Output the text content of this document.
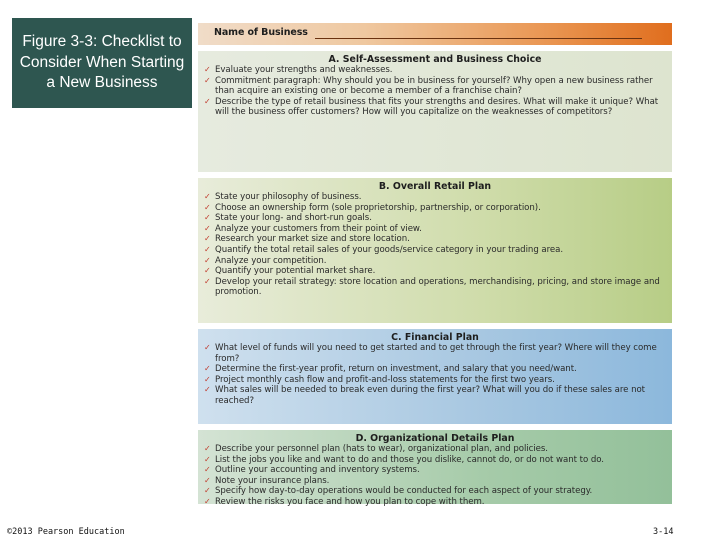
Figure 3-3: Checklist to Consider When Starting a New Business
Name of Business
A. Self-Assessment and Business Choice
✓ Evaluate your strengths and weaknesses.
✓ Commitment paragraph: Why should you be in business for yourself? Why open a new business rather than acquire an existing one or become a member of a franchise chain?
✓ Describe the type of retail business that fits your strengths and desires. What will make it unique? What will the business offer customers? How will you capitalize on the weaknesses of competitors?
B. Overall Retail Plan
✓ State your philosophy of business.
✓ Choose an ownership form (sole proprietorship, partnership, or corporation).
✓ State your long- and short-run goals.
✓ Analyze your customers from their point of view.
✓ Research your market size and store location.
✓ Quantify the total retail sales of your goods/service category in your trading area.
✓ Analyze your competition.
✓ Quantify your potential market share.
✓ Develop your retail strategy: store location and operations, merchandising, pricing, and store image and promotion.
C. Financial Plan
✓ What level of funds will you need to get started and to get through the first year? Where will they come from?
✓ Determine the first-year profit, return on investment, and salary that you need/want.
✓ Project monthly cash flow and profit-and-loss statements for the first two years.
✓ What sales will be needed to break even during the first year? What will you do if these sales are not reached?
D. Organizational Details Plan
✓ Describe your personnel plan (hats to wear), organizational plan, and policies.
✓ List the jobs you like and want to do and those you dislike, cannot do, or do not want to do.
✓ Outline your accounting and inventory systems.
✓ Note your insurance plans.
✓ Specify how day-to-day operations would be conducted for each aspect of your strategy.
✓ Review the risks you face and how you plan to cope with them.
©2013 Pearson Education	3-14
